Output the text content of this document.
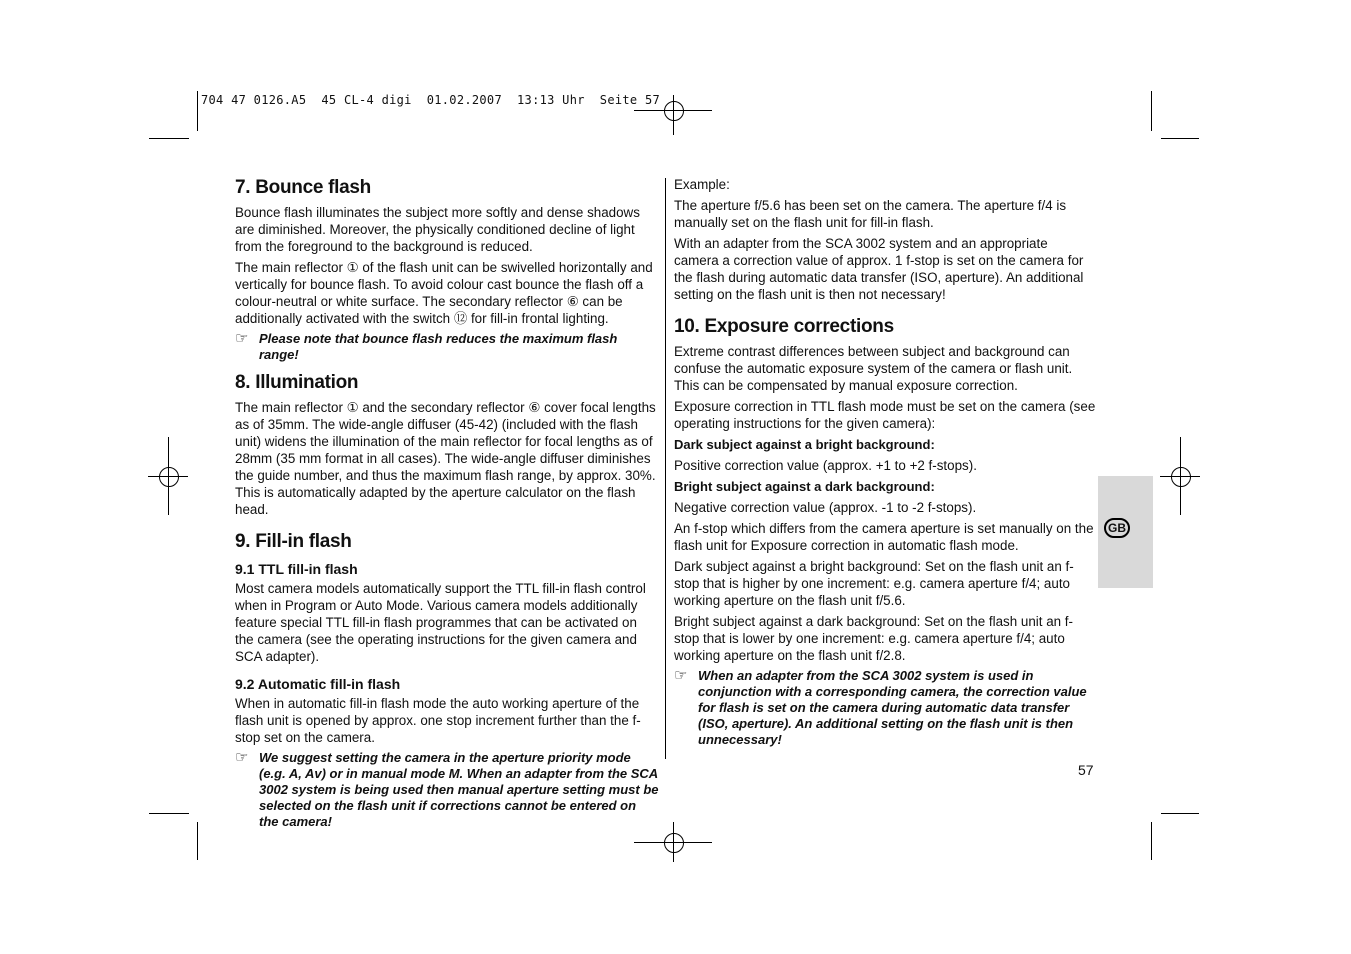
704 47 0126.A5  45 CL-4 digi  01.02.2007  13:13 Uhr  Seite 57
7. Bounce flash

Bounce flash illuminates the subject more softly and dense shadows are diminished. Moreover, the physically conditioned decline of light from the foreground to the background is reduced.

The main reflector ① of the flash unit can be swivelled horizontally and vertically for bounce flash. To avoid colour cast bounce the flash off a colour-neutral or white surface. The secondary reflector ⑥ can be additionally activated with the switch ⑫ for fill-in frontal lighting.

☞ Please note that bounce flash reduces the maximum flash range!
8. Illumination

The main reflector ① and the secondary reflector ⑥ cover focal lengths as of 35mm. The wide-angle diffuser (45-42) (included with the flash unit) widens the illumination of the main reflector for focal lengths as of 28mm (35 mm format in all cases). The wide-angle diffuser diminishes the guide number, and thus the maximum flash range, by approx. 30%. This is automatically adapted by the aperture calculator on the flash head.

9. Fill-in flash
9.1 TTL fill-in flash

Most camera models automatically support the TTL fill-in flash control when in Program or Auto Mode. Various camera models additionally feature special TTL fill-in flash programmes that can be activated on the camera (see the operating instructions for the given camera and SCA adapter).

9.2 Automatic fill-in flash

When in automatic fill-in flash mode the auto working aperture of the flash unit is opened by approx. one stop increment further than the f-stop set on the camera.

☞ We suggest setting the camera in the aperture priority mode (e.g. A, Av) or in manual mode M. When an adapter from the SCA 3002 system is being used then manual aperture setting must be selected on the flash unit if corrections cannot be entered on the camera!

Example:

The aperture f/5.6 has been set on the camera. The aperture f/4 is manually set on the flash unit for fill-in flash.

With an adapter from the SCA 3002 system and an appropriate camera a correction value of approx. 1 f-stop is set on the camera for the flash during automatic data transfer (ISO, aperture). An additional setting on the flash unit is then not necessary!

10. Exposure corrections

Extreme contrast differences between subject and background can confuse the automatic exposure system of the camera or flash unit. This can be compensated by manual exposure correction.

Exposure correction in TTL flash mode must be set on the camera (see operating instructions for the given camera):

Dark subject against a bright background:

Positive correction value (approx. +1 to +2 f-stops).

Bright subject against a dark background:

Negative correction value (approx. -1 to -2 f-stops).

An f-stop which differs from the camera aperture is set manually on the flash unit for Exposure correction in automatic flash mode.

Dark subject against a bright background: Set on the flash unit an f-stop that is higher by one increment: e.g. camera aperture f/4; auto working aperture on the flash unit f/5.6.

Bright subject against a dark background: Set on the flash unit an f-stop that is lower by one increment: e.g. camera aperture f/4; auto working aperture on the flash unit f/2.8.

☞ When an adapter from the SCA 3002 system is used in conjunction with a corresponding camera, the correction value for flash is set on the camera during automatic data transfer (ISO, aperture). An additional setting on the flash unit is then unnecessary!
GB
57
